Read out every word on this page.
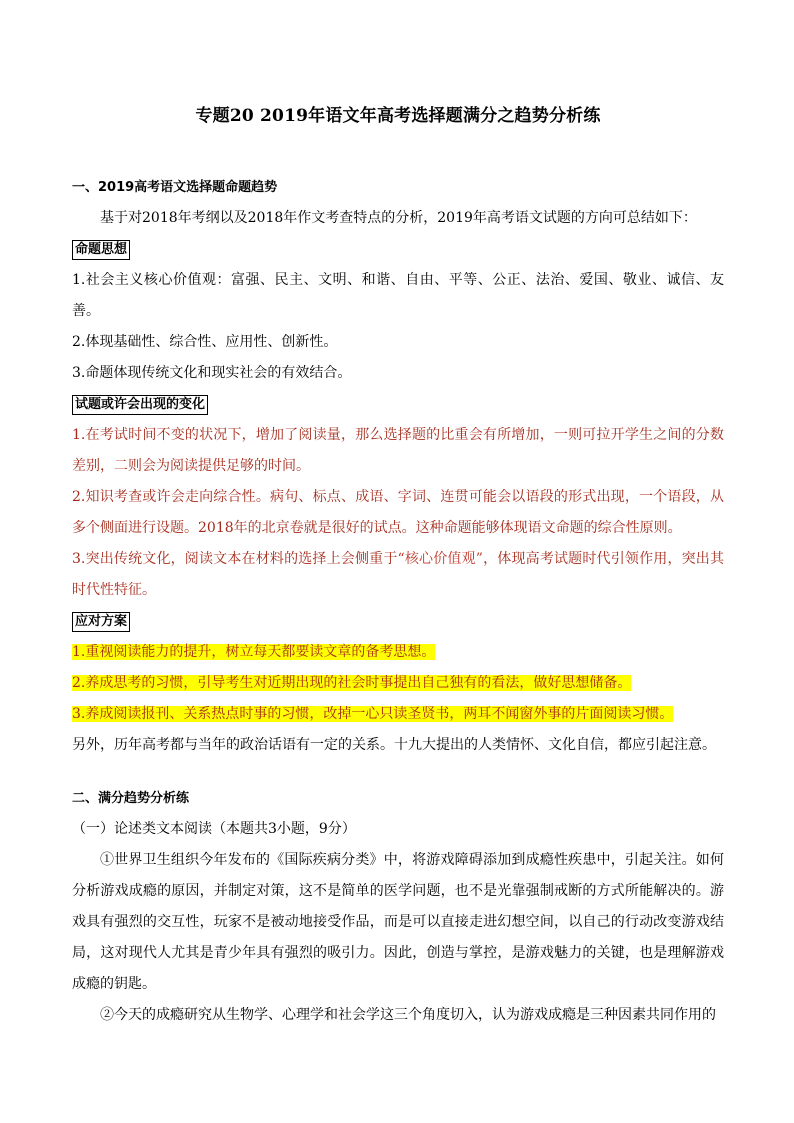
专题20 2019年语文年高考选择题满分之趋势分析练

一、2019高考语文选择题命题趋势

基于对2018年考纲以及2018年作文考查特点的分析，2019年高考语文试题的方向可总结如下：

命题思想

1.社会主义核心价值观：富强、民主、文明、和谐、自由、平等、公正、法治、爱国、敬业、诚信、友善。

2.体现基础性、综合性、应用性、创新性。

3.命题体现传统文化和现实社会的有效结合。

试题或许会出现的变化

1.在考试时间不变的状况下，增加了阅读量，那么选择题的比重会有所增加，一则可拉开学生之间的分数差别，二则会为阅读提供足够的时间。

2.知识考查或许会走向综合性。病句、标点、成语、字词、连贯可能会以语段的形式出现，一个语段，从多个侧面进行设题。2018年的北京卷就是很好的试点。这种命题能够体现语文命题的综合性原则。

3.突出传统文化，阅读文本在材料的选择上会侧重于“核心价值观”，体现高考试题时代引领作用，突出其时代性特征。

应对方案

1.重视阅读能力的提升，树立每天都要读文章的备考思想。

2.养成思考的习惯，引导考生对近期出现的社会时事提出自己独有的看法，做好思想储备。

3.养成阅读报刊、关系热点时事的习惯，改掉一心只读圣贤书，两耳不闻窗外事的片面阅读习惯。

另外，历年高考都与当年的政治话语有一定的关系。十九大提出的人类情怀、文化自信，都应引起注意。

二、满分趋势分析练

（一）论述类文本阅读（本题共3小题，9分）

①世界卫生组织今年发布的《国际疾病分类》中，将游戏障碍添加到成瘾性疾患中，引起关注。如何分析游戏成瘾的原因，并制定对策，这不是简单的医学问题，也不是光靠强制戒断的方式所能解决的。游戏具有强烈的交互性，玩家不是被动地接受作品，而是可以直接走进幻想空间，以自己的行动改变游戏结局，这对现代人尤其是青少年具有强烈的吸引力。因此，创造与掌控，是游戏魅力的关键，也是理解游戏成瘾的钥匙。

②今天的成瘾研究从生物学、心理学和社会学这三个角度切入，认为游戏成瘾是三种因素共同作用的
